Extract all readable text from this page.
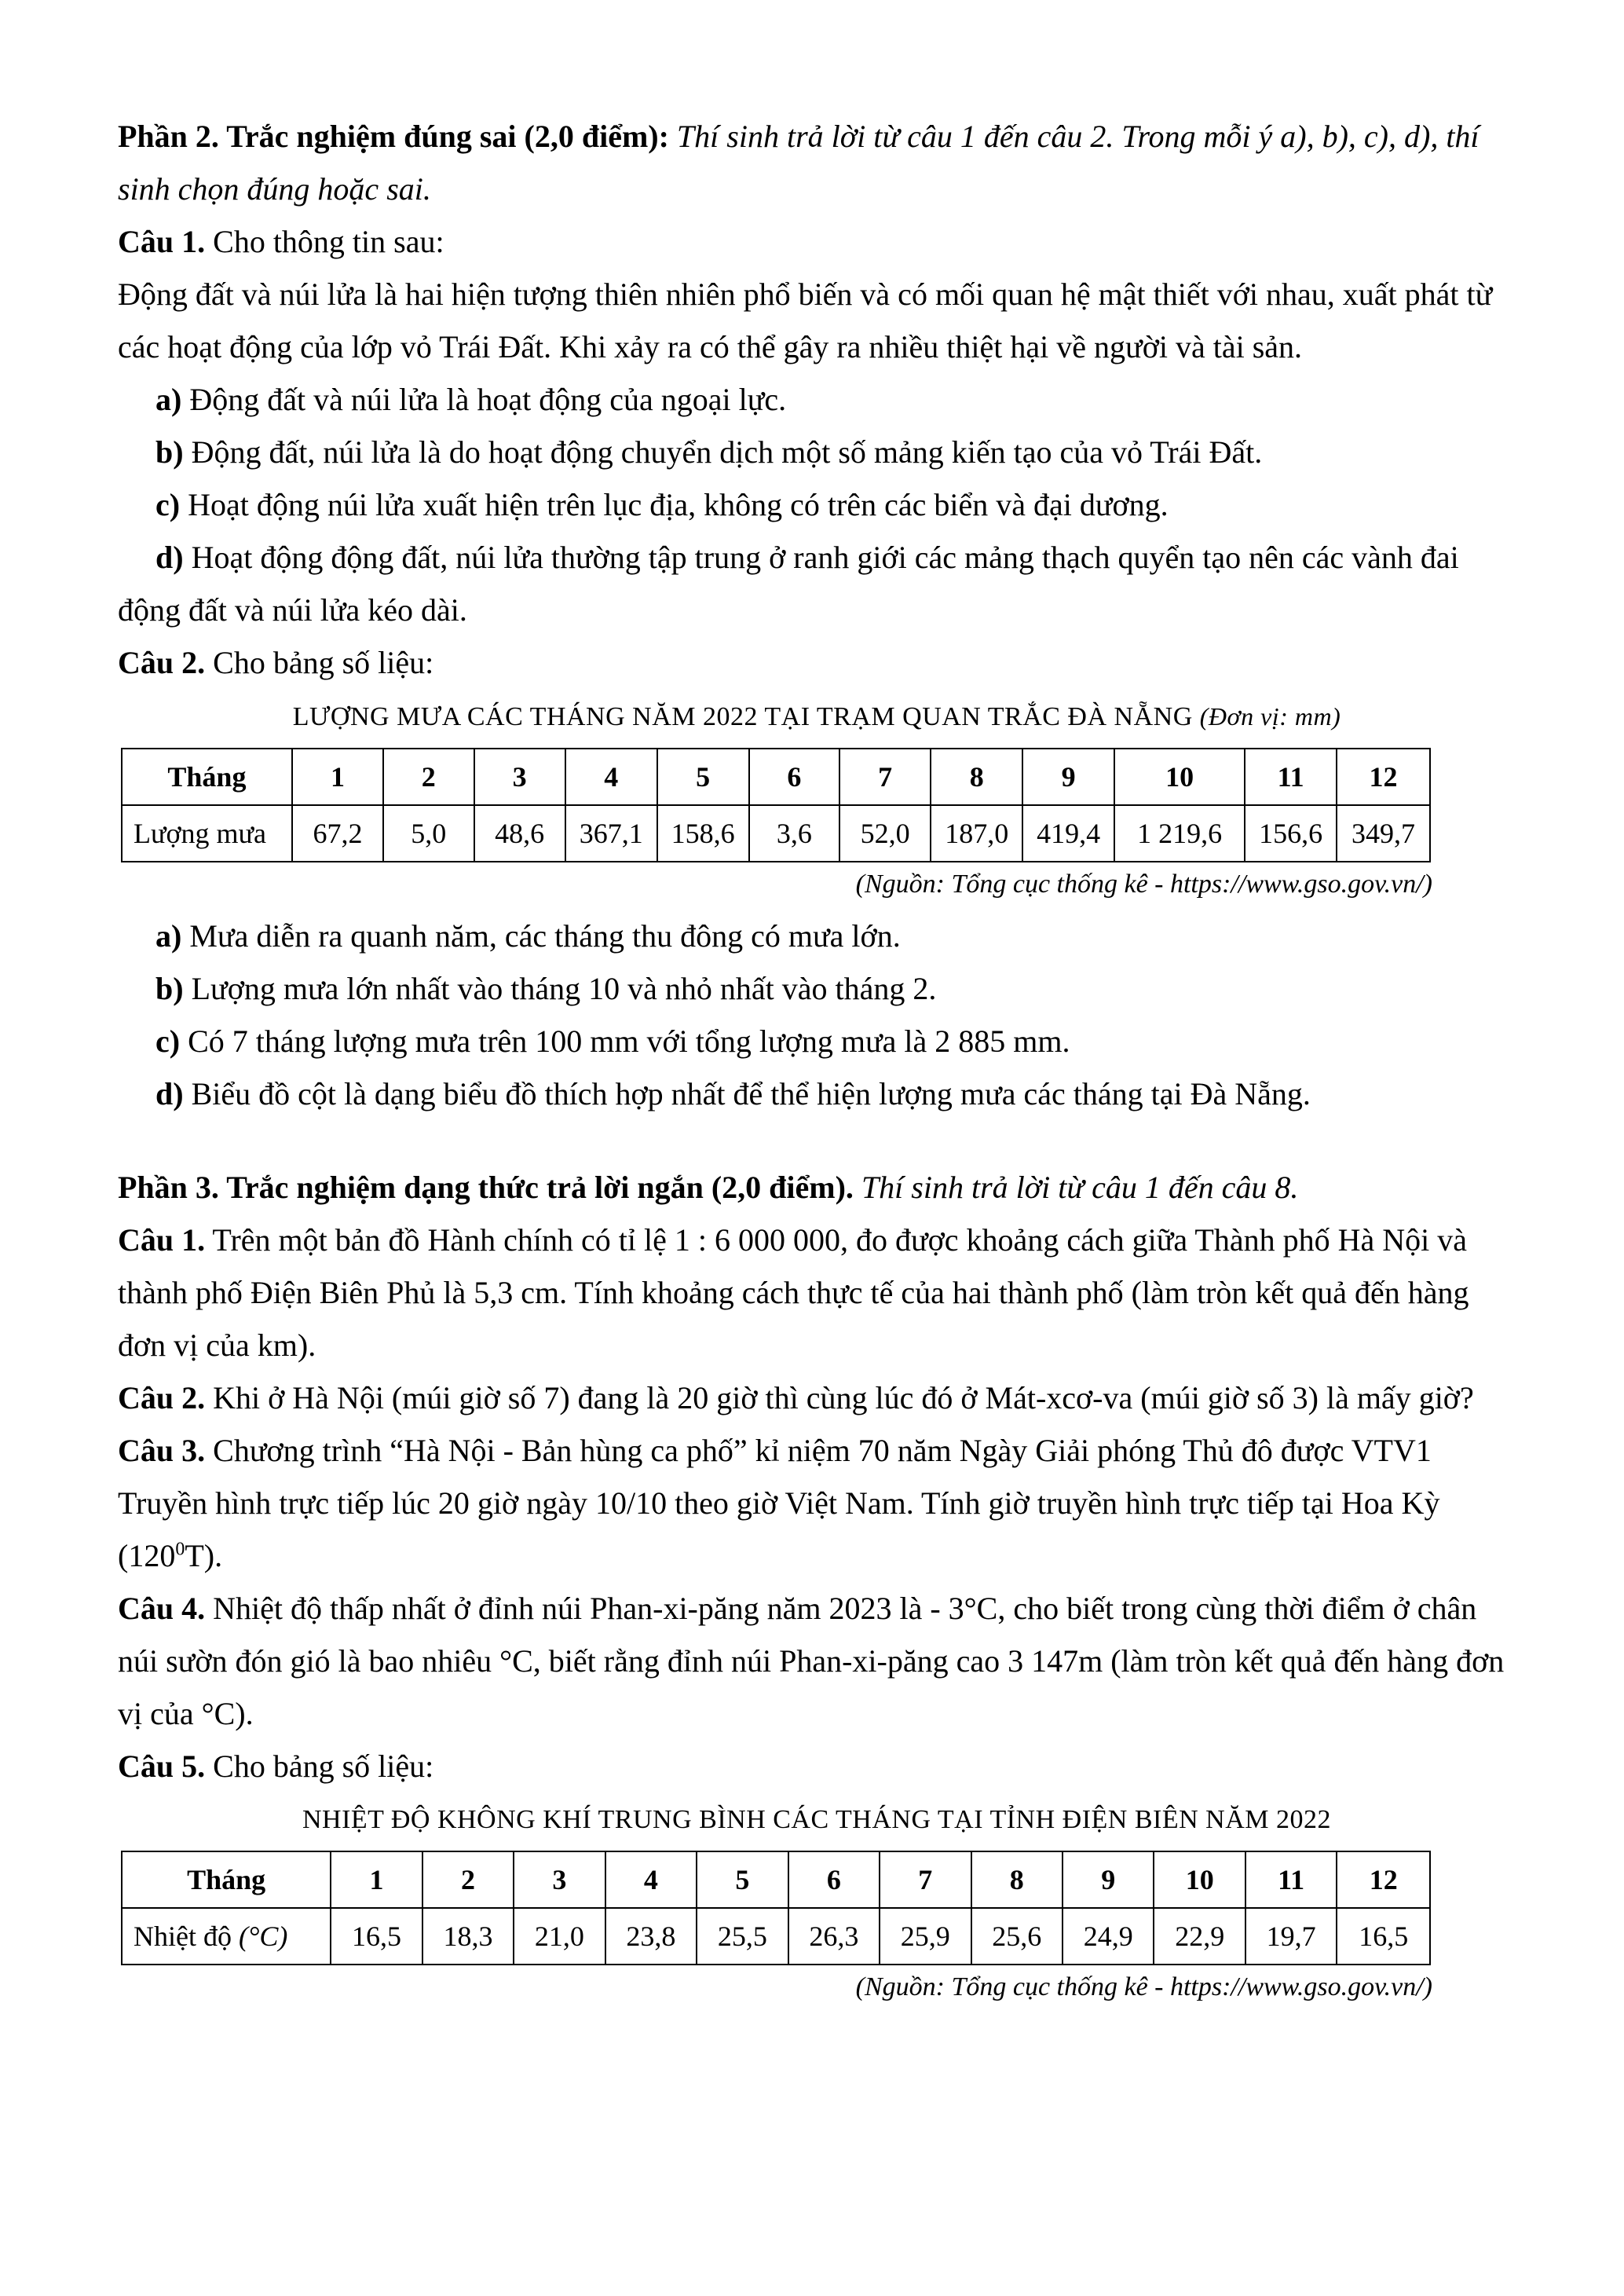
Phần 2. Trắc nghiệm đúng sai (2,0 điểm): Thí sinh trả lời từ câu 1 đến câu 2. Trong mỗi ý a), b), c), d), thí sinh chọn đúng hoặc sai.

Câu 1. Cho thông tin sau:

Động đất và núi lửa là hai hiện tượng thiên nhiên phổ biến và có mối quan hệ mật thiết với nhau, xuất phát từ các hoạt động của lớp vỏ Trái Đất. Khi xảy ra có thể gây ra nhiều thiệt hại về người và tài sản.

a) Động đất và núi lửa là hoạt động của ngoại lực.

b) Động đất, núi lửa là do hoạt động chuyển dịch một số mảng kiến tạo của vỏ Trái Đất.

c) Hoạt động núi lửa xuất hiện trên lục địa, không có trên các biển và đại dương.

d) Hoạt động động đất, núi lửa thường tập trung ở ranh giới các mảng thạch quyển tạo nên các vành đai động đất và núi lửa kéo dài.

Câu 2. Cho bảng số liệu:

LƯỢNG MƯA CÁC THÁNG NĂM 2022 TẠI TRẠM QUAN TRẮC ĐÀ NẴNG (Đơn vị: mm)
Tháng	1	2	3	4	5	6	7	8	9	10	11	12
Lượng mưa	67,2	5,0	48,6	367,1	158,6	3,6	52,0	187,0	419,4	1 219,6	156,6	349,7
(Nguồn: Tổng cục thống kê - https://www.gso.gov.vn/)

a) Mưa diễn ra quanh năm, các tháng thu đông có mưa lớn.

b) Lượng mưa lớn nhất vào tháng 10 và nhỏ nhất vào tháng 2.

c) Có 7 tháng lượng mưa trên 100 mm với tổng lượng mưa là 2 885 mm.

d) Biểu đồ cột là dạng biểu đồ thích hợp nhất để thể hiện lượng mưa các tháng tại Đà Nẵng.

Phần 3. Trắc nghiệm dạng thức trả lời ngắn (2,0 điểm). Thí sinh trả lời từ câu 1 đến câu 8.

Câu 1. Trên một bản đồ Hành chính có tỉ lệ 1 : 6 000 000, đo được khoảng cách giữa Thành phố Hà Nội và thành phố Điện Biên Phủ là 5,3 cm. Tính khoảng cách thực tế của hai thành phố (làm tròn kết quả đến hàng đơn vị của km).

Câu 2. Khi ở Hà Nội (múi giờ số 7) đang là 20 giờ thì cùng lúc đó ở Mát-xcơ-va (múi giờ số 3) là mấy giờ?

Câu 3. Chương trình “Hà Nội - Bản hùng ca phố” kỉ niệm 70 năm Ngày Giải phóng Thủ đô được VTV1 Truyền hình trực tiếp lúc 20 giờ ngày 10/10 theo giờ Việt Nam. Tính giờ truyền hình trực tiếp tại Hoa Kỳ $(120^0T)$.

Câu 4. Nhiệt độ thấp nhất ở đỉnh núi Phan-xi-păng năm 2023 là - 3°C, cho biết trong cùng thời điểm ở chân núi sườn đón gió là bao nhiêu °C, biết rằng đỉnh núi Phan-xi-păng cao 3 147m (làm tròn kết quả đến hàng đơn vị của °C).

Câu 5. Cho bảng số liệu:

NHIỆT ĐỘ KHÔNG KHÍ TRUNG BÌNH CÁC THÁNG TẠI TỈNH ĐIỆN BIÊN NĂM 2022
Tháng	1	2	3	4	5	6	7	8	9	10	11	12
Nhiệt độ (°C)	16,5	18,3	21,0	23,8	25,5	26,3	25,9	25,6	24,9	22,9	19,7	16,5
(Nguồn: Tổng cục thống kê - https://www.gso.gov.vn/)
